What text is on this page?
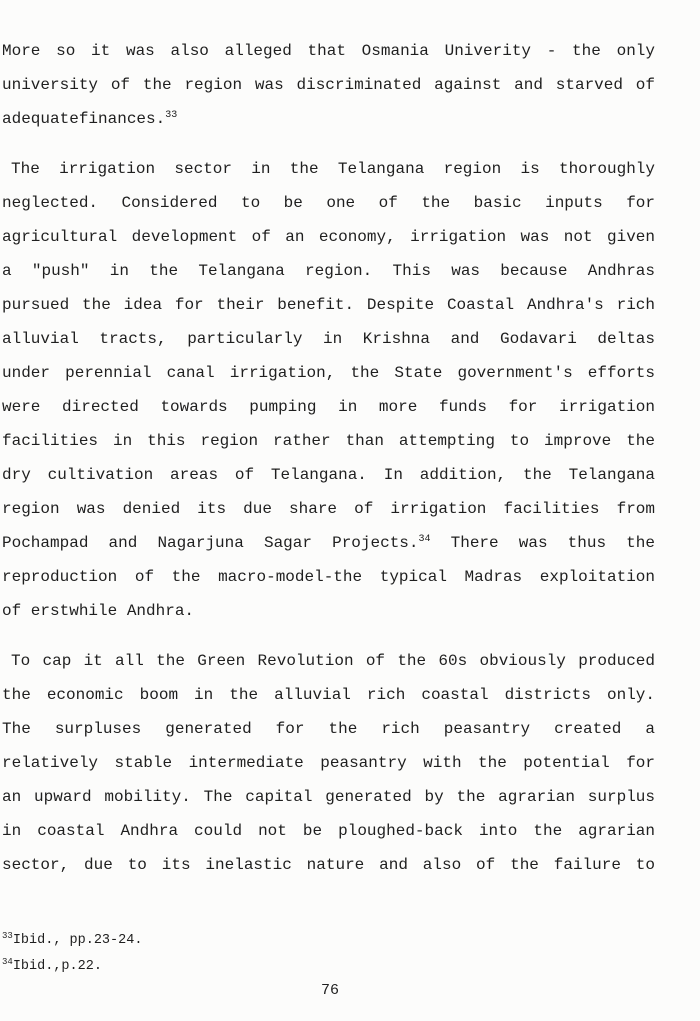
More so it was also alleged that Osmania Univerity - the only
university of the region was discriminated against and starved of
adequatefinances.$^{33}$
The irrigation sector in the Telangana region is thoroughly
neglected. Considered to be one of the basic inputs for
agricultural development of an economy, irrigation was not given
a "push" in the Telangana region. This was because Andhras
pursued the idea for their benefit. Despite Coastal Andhra's rich
alluvial tracts, particularly in Krishna and Godavari deltas
under perennial canal irrigation, the State government's efforts
were directed towards pumping in more funds for irrigation
facilities in this region rather than attempting to improve the
dry cultivation areas of Telangana. In addition, the Telangana
region was denied its due share of irrigation facilities from
Pochampad and Nagarjuna Sagar Projects.$^{34}$ There was thus the
reproduction of the macro-model-the typical Madras exploitation
of erstwhile Andhra.
To cap it all the Green Revolution of the 60s obviously produced
the economic boom in the alluvial rich coastal districts only.
The surpluses generated for the rich peasantry created a
relatively stable intermediate peasantry with the potential for
an upward mobility. The capital generated by the agrarian surplus
in coastal Andhra could not be ploughed-back into the agrarian
sector, due to its inelastic nature and also of the failure to
$^{33}$Ibid., pp.23-24.
$^{34}$Ibid.,p.22.
76
